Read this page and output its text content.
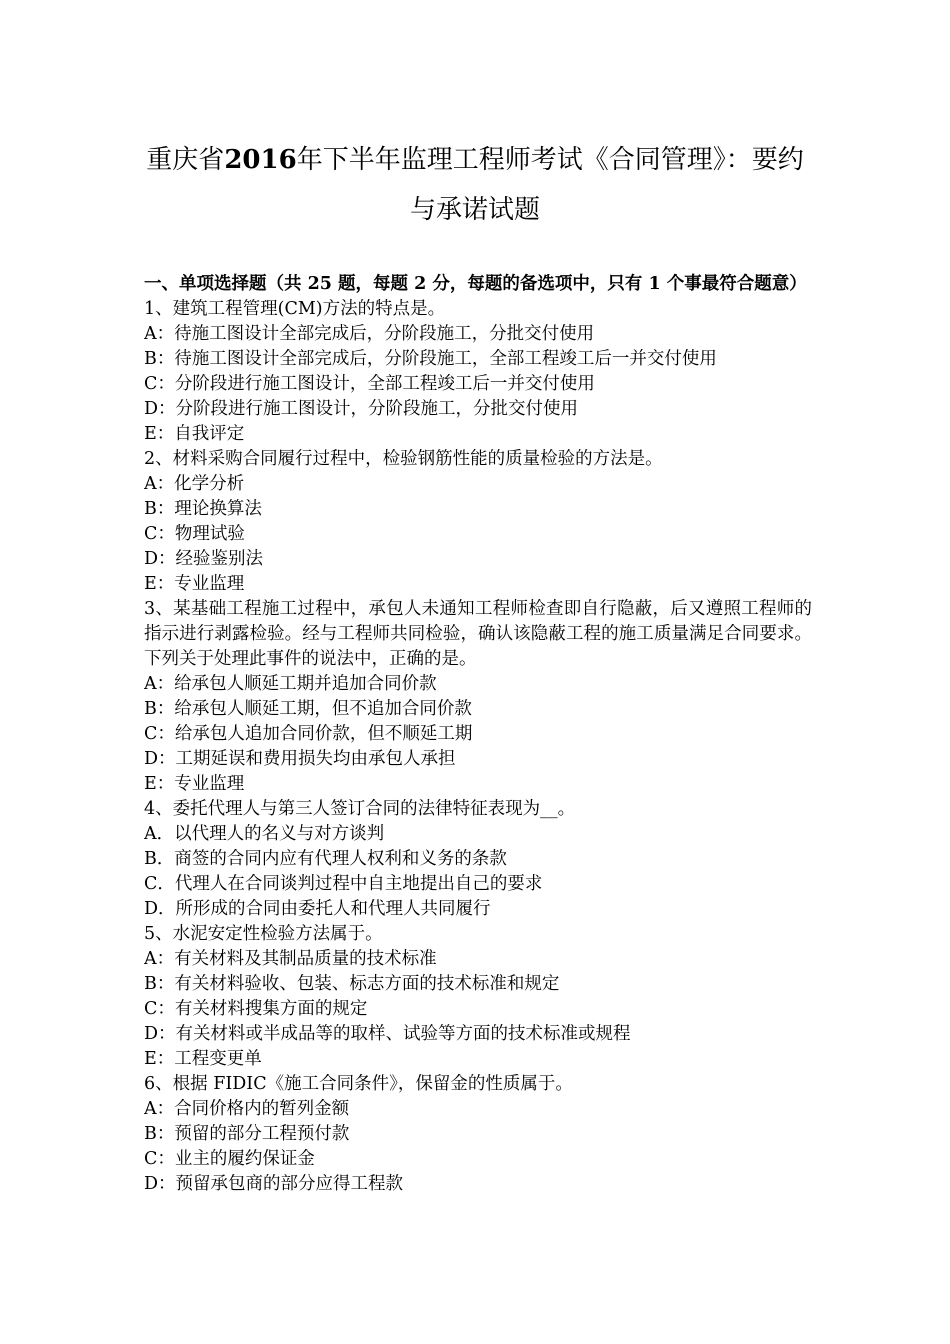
重庆省2016年下半年监理工程师考试《合同管理》：要约
与承诺试题

一、单项选择题（共 25 题，每题 2 分，每题的备选项中，只有 1 个事最符合题意）

1、建筑工程管理(CM)方法的特点是。

A：待施工图设计全部完成后，分阶段施工，分批交付使用

B：待施工图设计全部完成后，分阶段施工，全部工程竣工后一并交付使用

C：分阶段进行施工图设计，全部工程竣工后一并交付使用

D：分阶段进行施工图设计，分阶段施工，分批交付使用

E：自我评定

2、材料采购合同履行过程中，检验钢筋性能的质量检验的方法是。

A：化学分析

B：理论换算法

C：物理试验

D：经验鉴别法

E：专业监理

3、某基础工程施工过程中，承包人未通知工程师检查即自行隐蔽，后又遵照工程师的指示进行剥露检验。经与工程师共同检验，确认该隐蔽工程的施工质量满足合同要求。下列关于处理此事件的说法中，正确的是。

A：给承包人顺延工期并追加合同价款

B：给承包人顺延工期，但不追加合同价款

C：给承包人追加合同价款，但不顺延工期

D：工期延误和费用损失均由承包人承担

E：专业监理

4、委托代理人与第三人签订合同的法律特征表现为__。

A．以代理人的名义与对方谈判

B．商签的合同内应有代理人权利和义务的条款

C．代理人在合同谈判过程中自主地提出自己的要求

D．所形成的合同由委托人和代理人共同履行

5、水泥安定性检验方法属于。

A：有关材料及其制品质量的技术标准

B：有关材料验收、包装、标志方面的技术标准和规定

C：有关材料搜集方面的规定

D：有关材料或半成品等的取样、试验等方面的技术标准或规程

E：工程变更单

6、根据 FIDIC《施工合同条件》，保留金的性质属于。

A：合同价格内的暂列金额

B：预留的部分工程预付款

C：业主的履约保证金

D：预留承包商的部分应得工程款
